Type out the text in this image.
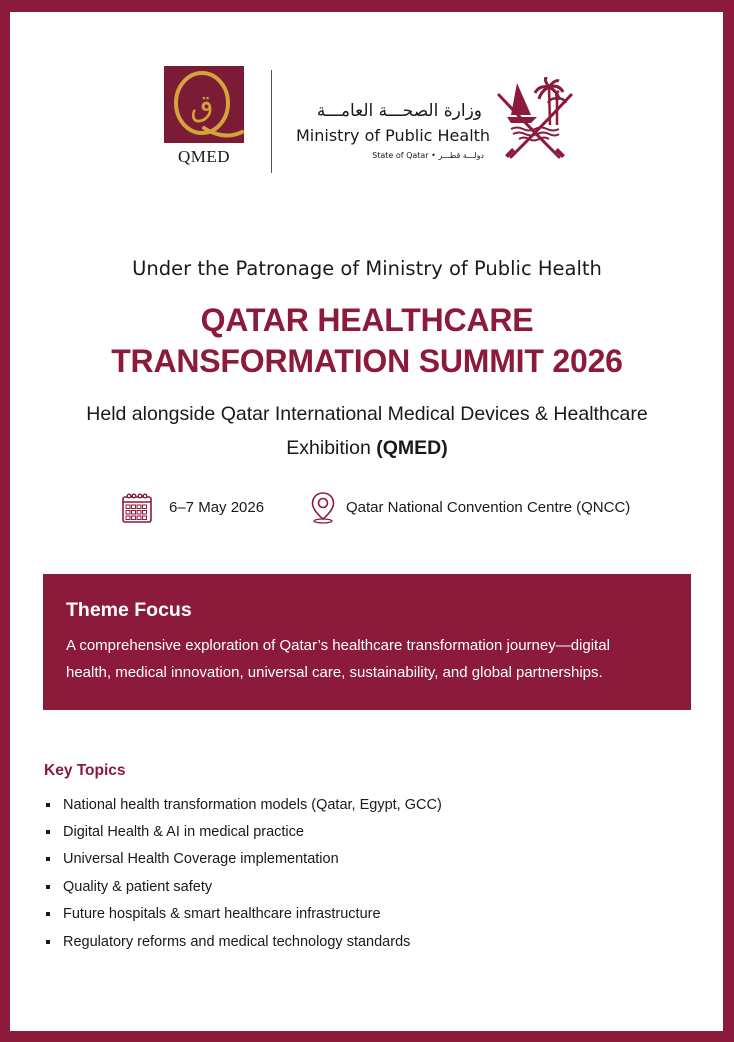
ق
QMED
وزارة الصحـــة العامـــة
Ministry of Public Health
State of Qatar • دولـــة قطـــر
Under the Patronage of Ministry of Public Health
QATAR HEALTHCARE
TRANSFORMATION SUMMIT 2026
Held alongside Qatar International Medical Devices & Healthcare
Exhibition (QMED)
6–7 May 2026	Qatar National Convention Centre (QNCC)
Theme Focus
A comprehensive exploration of Qatar’s healthcare transformation journey—digital
health, medical innovation, universal care, sustainability, and global partnerships.
Key Topics
National health transformation models (Qatar, Egypt, GCC)
Digital Health & AI in medical practice
Universal Health Coverage implementation
Quality & patient safety
Future hospitals & smart healthcare infrastructure
Regulatory reforms and medical technology standards
